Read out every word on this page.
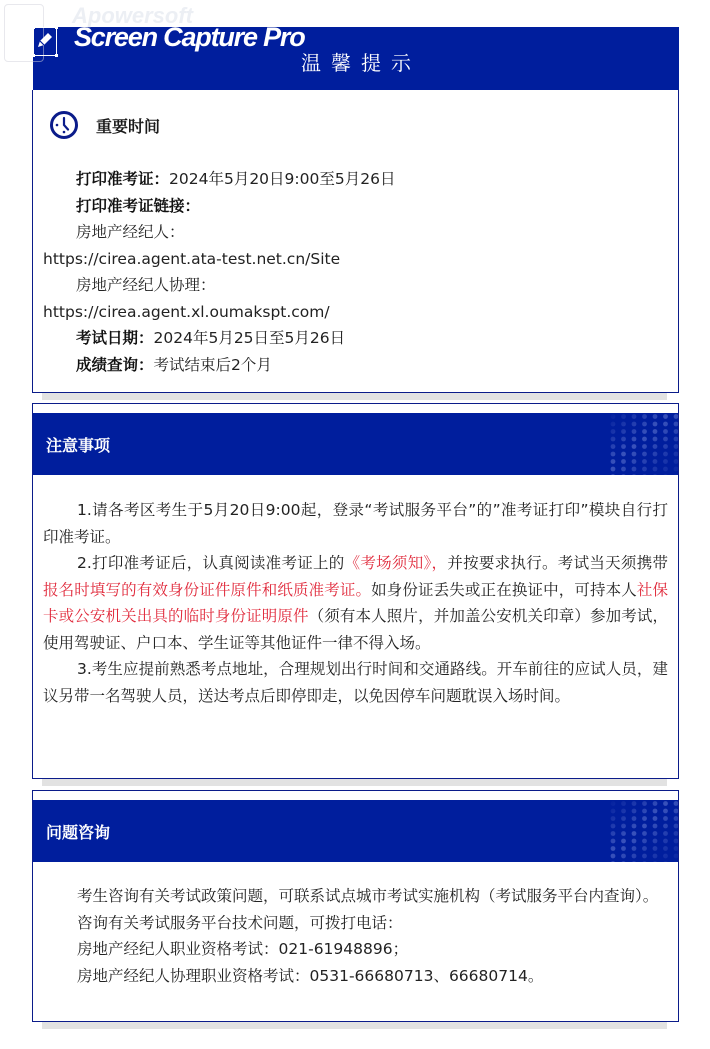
温馨提示
Apowersoft
Screen Capture Pro
重要时间
打印准考证：2024年5月20日9:00至5月26日
打印准考证链接：
房地产经纪人：
https://cirea.agent.ata-test.net.cn/Site
房地产经纪人协理：
https://cirea.agent.xl.oumakspt.com/
考试日期：2024年5月25日至5月26日
成绩查询：考试结束后2个月
注意事项

1.请各考区考生于5月20日9:00起，登录“考试服务平台”的”准考证打印”模块自行打印准考证。

2.打印准考证后，认真阅读准考证上的《考场须知》，并按要求执行。考试当天须携带报名时填写的有效身份证件原件和纸质准考证。如身份证丢失或正在换证中，可持本人社保卡或公安机关出具的临时身份证明原件（须有本人照片，并加盖公安机关印章）参加考试，使用驾驶证、户口本、学生证等其他证件一律不得入场。

3.考生应提前熟悉考点地址，合理规划出行时间和交通路线。开车前往的应试人员，建议另带一名驾驶人员，送达考点后即停即走，以免因停车问题耽误入场时间。

问题咨询

考生咨询有关考试政策问题，可联系试点城市考试实施机构（考试服务平台内查询）。

咨询有关考试服务平台技术问题，可拨打电话：

房地产经纪人职业资格考试：021-61948896；

房地产经纪人协理职业资格考试：0531-66680713、66680714。
